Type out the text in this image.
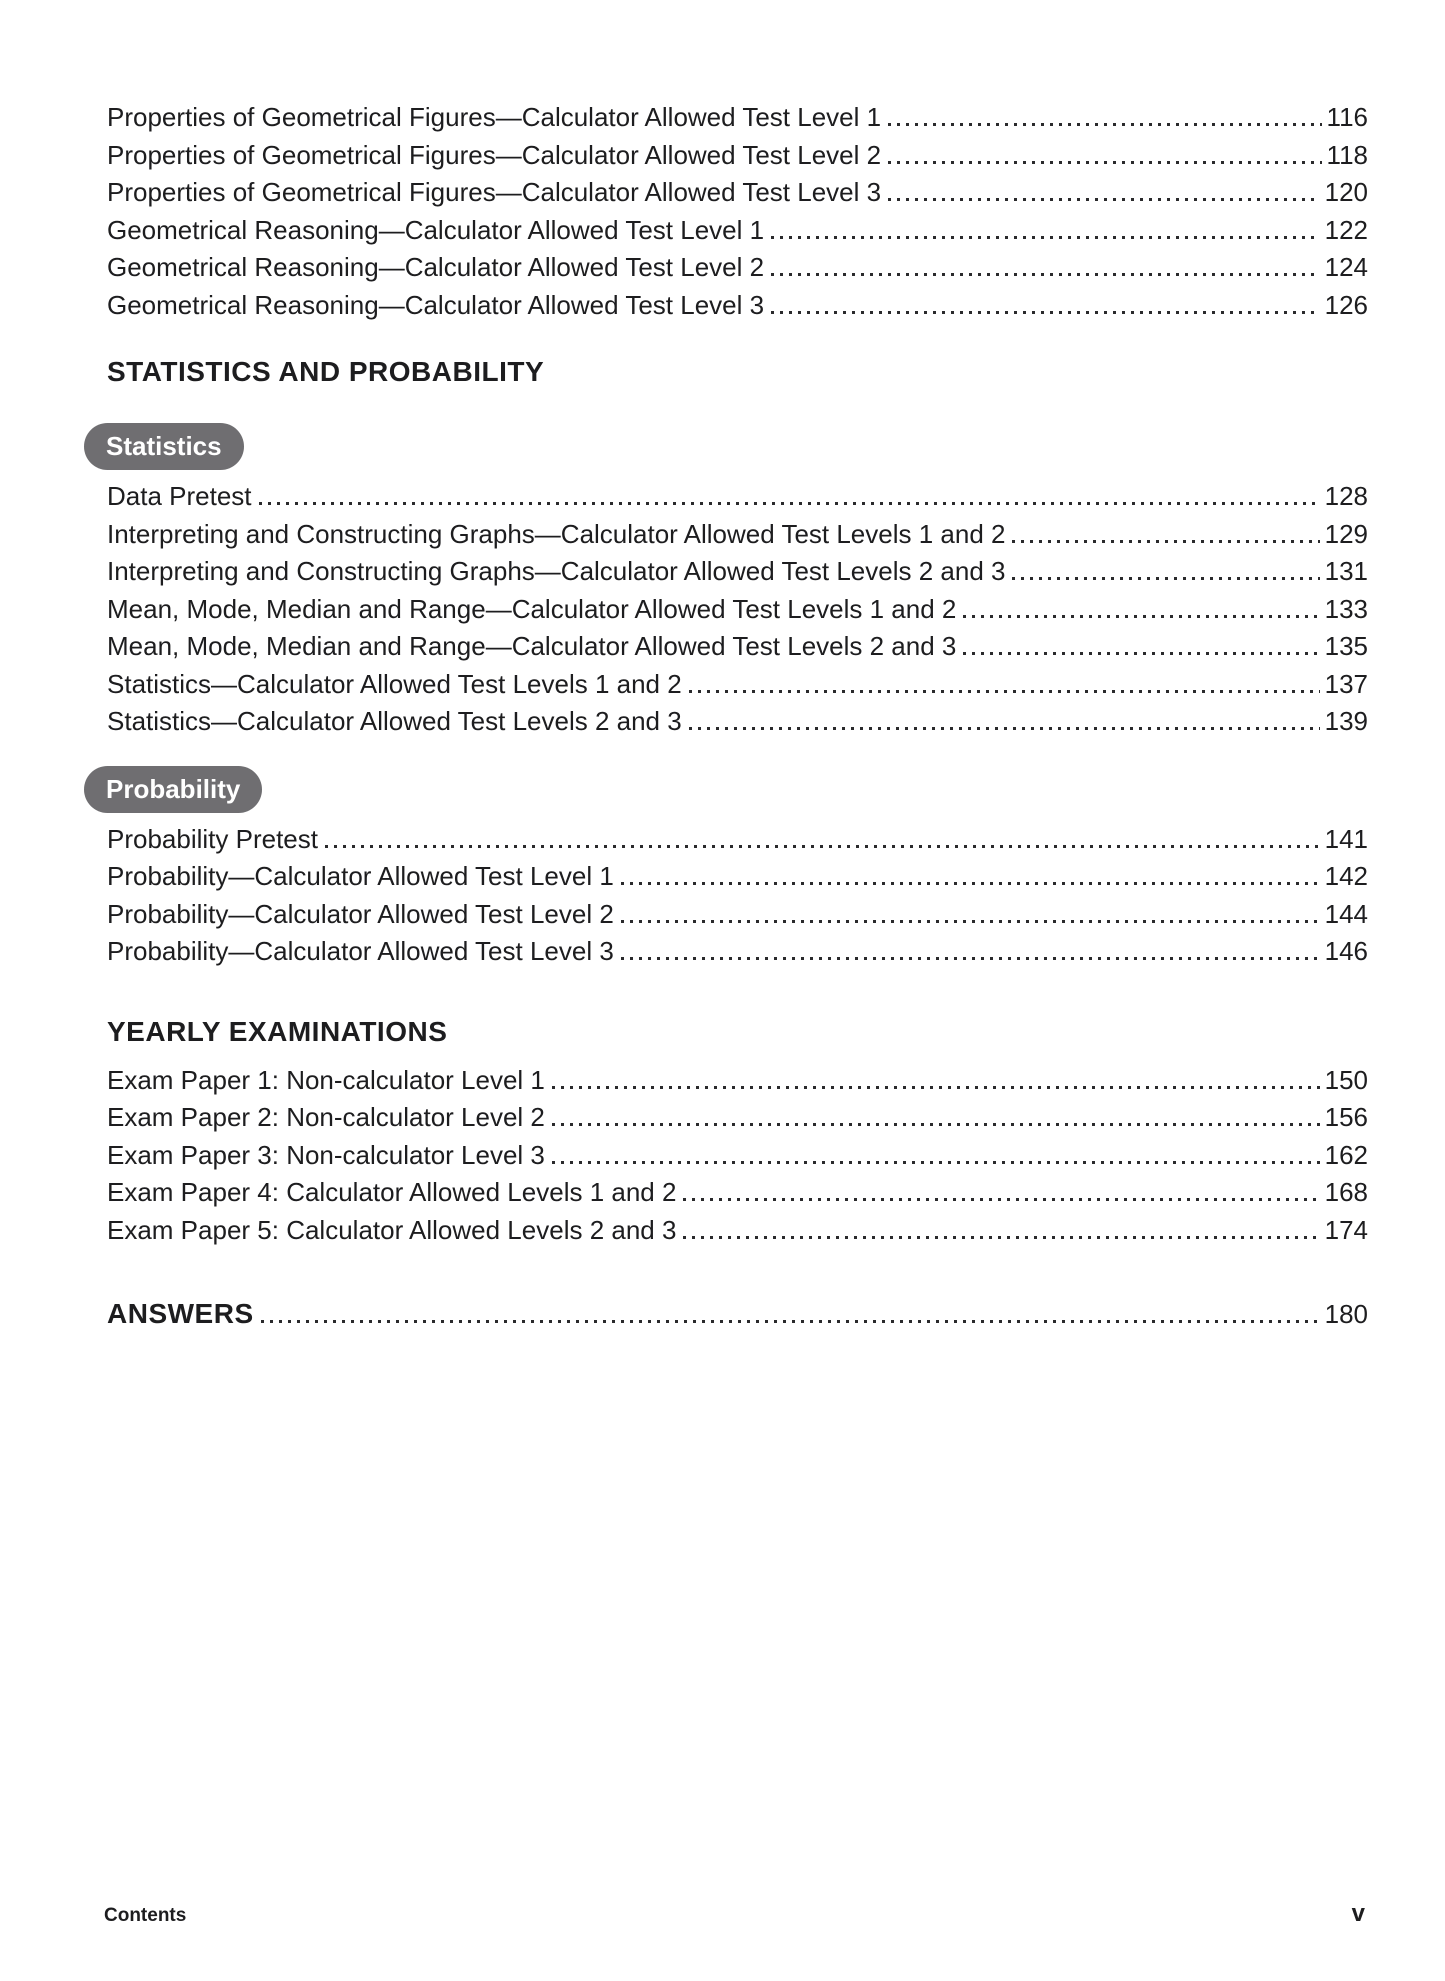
Properties of Geometrical Figures—Calculator Allowed Test Level 1	116
Properties of Geometrical Figures—Calculator Allowed Test Level 2	118
Properties of Geometrical Figures—Calculator Allowed Test Level 3	120
Geometrical Reasoning—Calculator Allowed Test Level 1	122
Geometrical Reasoning—Calculator Allowed Test Level 2	124
Geometrical Reasoning—Calculator Allowed Test Level 3	126
STATISTICS AND PROBABILITY
Statistics
Data Pretest	128
Interpreting and Constructing Graphs—Calculator Allowed Test Levels 1 and 2	129
Interpreting and Constructing Graphs—Calculator Allowed Test Levels 2 and 3	131
Mean, Mode, Median and Range—Calculator Allowed Test Levels 1 and 2	133
Mean, Mode, Median and Range—Calculator Allowed Test Levels 2 and 3	135
Statistics—Calculator Allowed Test Levels 1 and 2	137
Statistics—Calculator Allowed Test Levels 2 and 3	139
Probability
Probability Pretest	141
Probability—Calculator Allowed Test Level 1	142
Probability—Calculator Allowed Test Level 2	144
Probability—Calculator Allowed Test Level 3	146
YEARLY EXAMINATIONS
Exam Paper 1: Non-calculator Level 1	150
Exam Paper 2: Non-calculator Level 2	156
Exam Paper 3: Non-calculator Level 3	162
Exam Paper 4: Calculator Allowed Levels 1 and 2	168
Exam Paper 5: Calculator Allowed Levels 2 and 3	174
ANSWERS	180
Contents	v
